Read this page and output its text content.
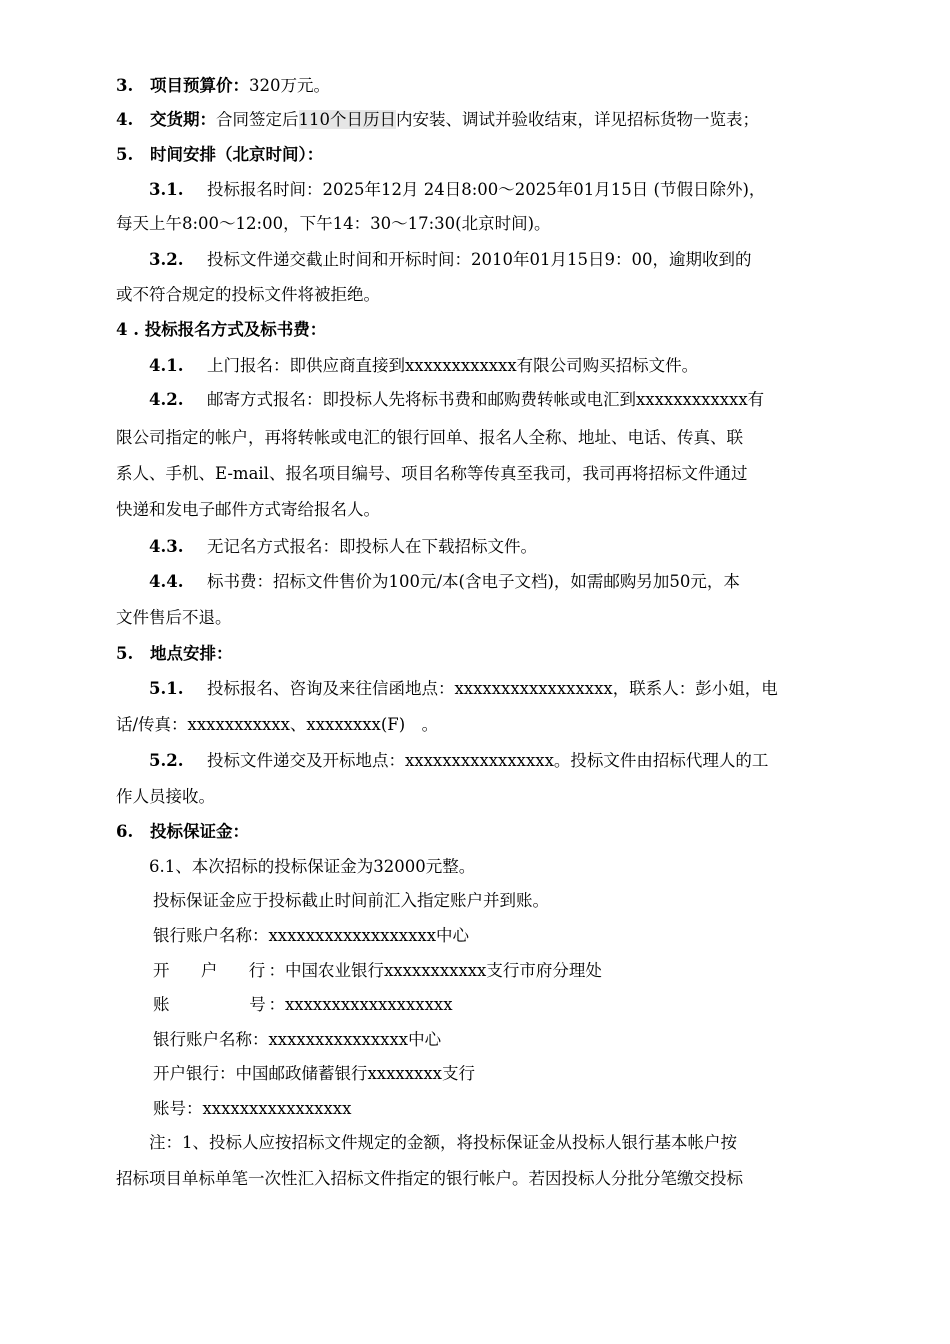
3. 项目预算价：320万元。
4. 交货期：合同签定后110个日历日内安装、调试并验收结束，详见招标货物一览表；
5. 时间安排（北京时间）：
3.1. 投标报名时间：2025年12月 24日8:00～2025年01月15日 (节假日除外)，
每天上午8:00～12:00，下午14：30～17:30(北京时间)。
3.2. 投标文件递交截止时间和开标时间：2010年01月15日9：00，逾期收到的
或不符合规定的投标文件将被拒绝。
4 . 投标报名方式及标书费：
4.1. 上门报名：即供应商直接到xxxxxxxxxxxx有限公司购买招标文件。
4.2. 邮寄方式报名：即投标人先将标书费和邮购费转帐或电汇到xxxxxxxxxxxx有
限公司指定的帐户，再将转帐或电汇的银行回单、报名人全称、地址、电话、传真、联
系人、手机、E-mail、报名项目编号、项目名称等传真至我司，我司再将招标文件通过
快递和发电子邮件方式寄给报名人。
4.3. 无记名方式报名：即投标人在下载招标文件。
4.4. 标书费：招标文件售价为100元/本(含电子文档)，如需邮购另加50元，本
文件售后不退。
5. 地点安排：
5.1. 投标报名、咨询及来往信函地点：xxxxxxxxxxxxxxxxx，联系人：彭小姐，电
话/传真：xxxxxxxxxxx、xxxxxxxx(F)　。
5.2. 投标文件递交及开标地点：xxxxxxxxxxxxxxxx。投标文件由招标代理人的工
作人员接收。
6. 投标保证金：
6.1、本次招标的投标保证金为32000元整。
投标保证金应于投标截止时间前汇入指定账户并到账。
银行账户名称：xxxxxxxxxxxxxxxxxx中心
开　 户　 行：中国农业银行xxxxxxxxxxx支行市府分理处
账　　　　号：xxxxxxxxxxxxxxxxxx
银行账户名称：xxxxxxxxxxxxxxx中心
开户银行：中国邮政储蓄银行xxxxxxxx支行
账号：xxxxxxxxxxxxxxxx
注：1、投标人应按招标文件规定的金额，将投标保证金从投标人银行基本帐户按
招标项目单标单笔一次性汇入招标文件指定的银行帐户。若因投标人分批分笔缴交投标
